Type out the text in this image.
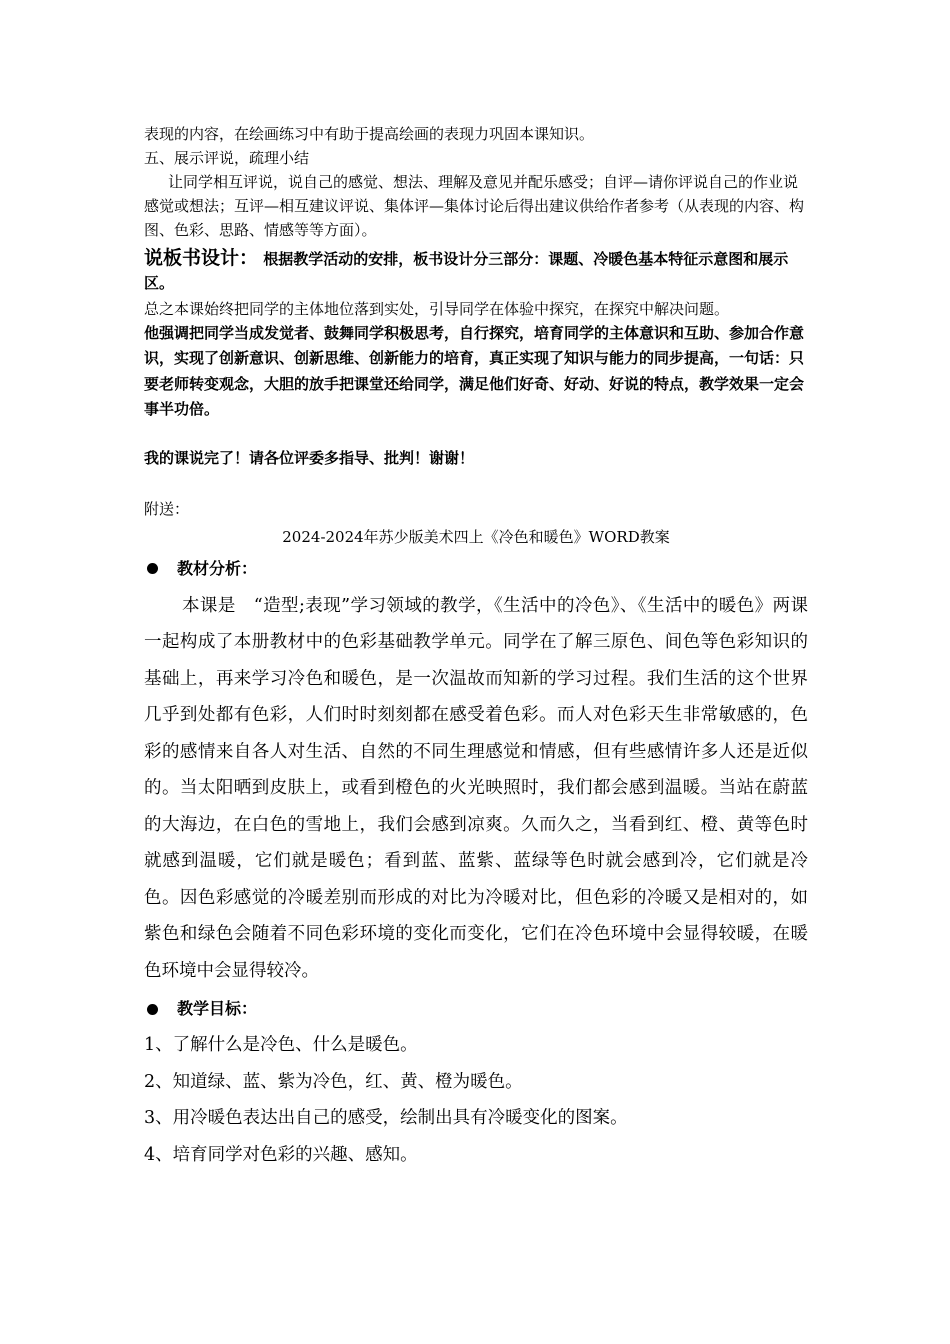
表现的内容，在绘画练习中有助于提高绘画的表现力巩固本课知识。

五、展示评说，疏理小结

让同学相互评说，说自己的感觉、想法、理解及意见并配乐感受；自评—请你评说自己的作业说感觉或想法；互评—相互建议评说、集体评—集体讨论后得出建议供给作者参考（从表现的内容、构图、色彩、思路、情感等等方面）。

说板书设计： 根据教学活动的安排，板书设计分三部分：课题、冷暖色基本特征示意图和展示区。

总之本课始终把同学的主体地位落到实处，引导同学在体验中探究，在探究中解决问题。

他强调把同学当成发觉者、鼓舞同学积极思考，自行探究，培育同学的主体意识和互助、参加合作意识，实现了创新意识、创新思维、创新能力的培育，真正实现了知识与能力的同步提高，一句话：只要老师转变观念，大胆的放手把课堂还给同学，满足他们好奇、好动、好说的特点，教学效果一定会事半功倍。

我的课说完了！请各位评委多指导、批判！谢谢！

附送：

2024-2024年苏少版美术四上《冷色和暖色》WORD教案

教材分析：

本课是　“造型;表现”学习领域的教学，《生活中的冷色》、《生活中的暖色》两课一起构成了本册教材中的色彩基础教学单元。同学在了解三原色、间色等色彩知识的基础上，再来学习冷色和暖色，是一次温故而知新的学习过程。我们生活的这个世界几乎到处都有色彩，人们时时刻刻都在感受着色彩。而人对色彩天生非常敏感的，色彩的感情来自各人对生活、自然的不同生理感觉和情感，但有些感情许多人还是近似的。当太阳晒到皮肤上，或看到橙色的火光映照时，我们都会感到温暖。当站在蔚蓝的大海边，在白色的雪地上，我们会感到凉爽。久而久之，当看到红、橙、黄等色时就感到温暖，它们就是暖色；看到蓝、蓝紫、蓝绿等色时就会感到冷，它们就是冷色。因色彩感觉的冷暖差别而形成的对比为冷暖对比，但色彩的冷暖又是相对的，如紫色和绿色会随着不同色彩环境的变化而变化，它们在冷色环境中会显得较暖，在暖色环境中会显得较冷。

教学目标：

1、了解什么是冷色、什么是暖色。

2、知道绿、蓝、紫为冷色，红、黄、橙为暖色。

3、用冷暖色表达出自己的感受，绘制出具有冷暖变化的图案。

4、培育同学对色彩的兴趣、感知。
